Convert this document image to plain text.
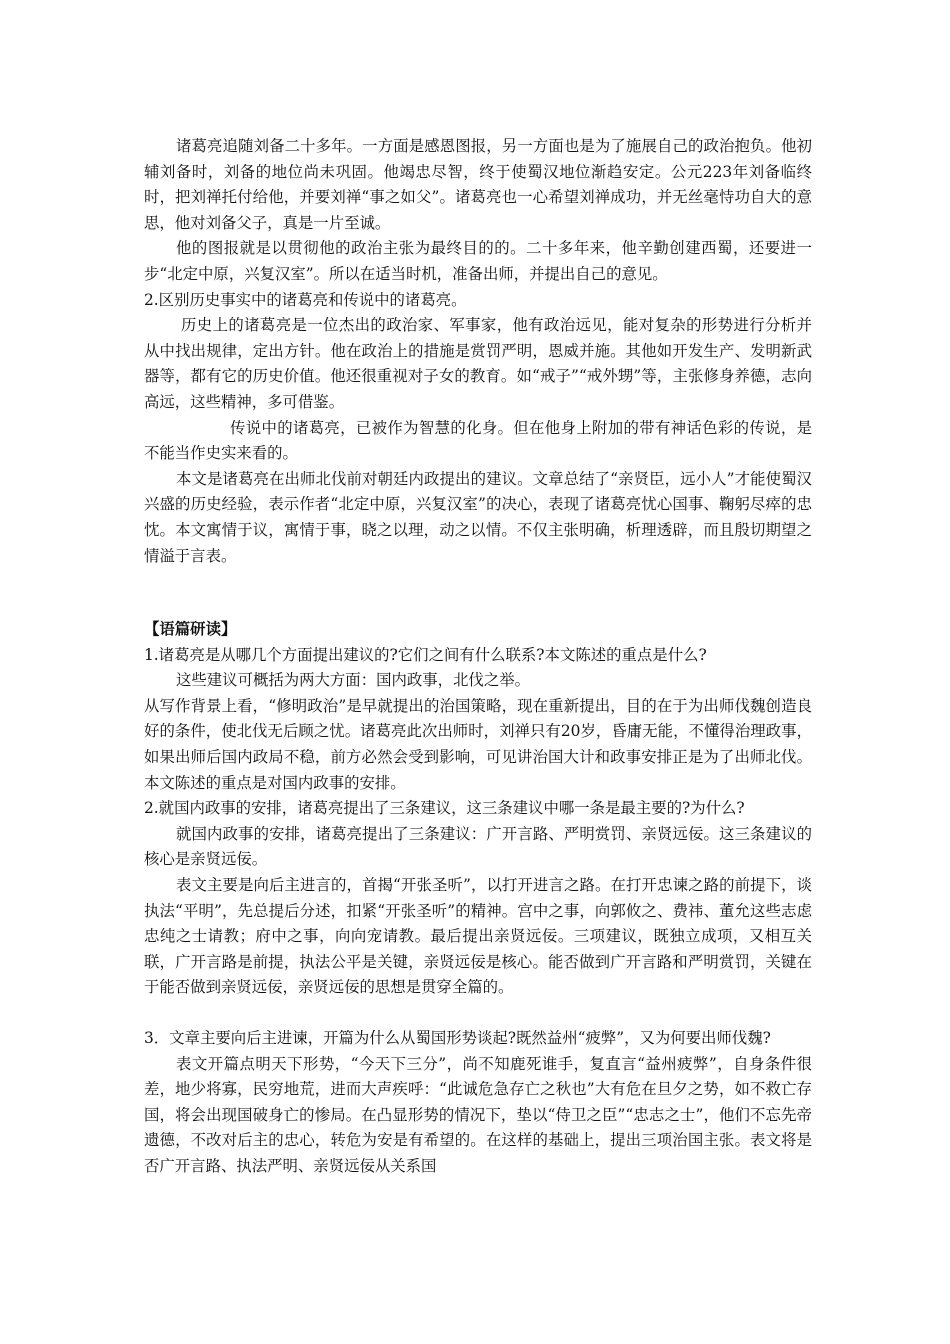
诸葛亮追随刘备二十多年。一方面是感恩图报，另一方面也是为了施展自己的政治抱负。他初辅刘备时，刘备的地位尚未巩固。他竭忠尽智，终于使蜀汉地位渐趋安定。公元223年刘备临终时，把刘禅托付给他，并要刘禅“事之如父”。诸葛亮也一心希望刘禅成功，并无丝毫恃功自大的意思，他对刘备父子，真是一片至诚。

他的图报就是以贯彻他的政治主张为最终目的的。二十多年来，他辛勤创建西蜀，还要进一步“北定中原，兴复汉室”。所以在适当时机，准备出师，并提出自己的意见。

2.区别历史事实中的诸葛亮和传说中的诸葛亮。

历史上的诸葛亮是一位杰出的政治家、军事家，他有政治远见，能对复杂的形势进行分析并从中找出规律，定出方针。他在政治上的措施是赏罚严明，恩威并施。其他如开发生产、发明新武器等，都有它的历史价值。他还很重视对子女的教育。如“戒子”“戒外甥”等，主张修身养德，志向高远，这些精神，多可借鉴。

传说中的诸葛亮，已被作为智慧的化身。但在他身上附加的带有神话色彩的传说，是不能当作史实来看的。

本文是诸葛亮在出师北伐前对朝廷内政提出的建议。文章总结了“亲贤臣，远小人”才能使蜀汉兴盛的历史经验，表示作者“北定中原，兴复汉室”的决心，表现了诸葛亮忧心国事、鞠躬尽瘁的忠忱。本文寓情于议，寓情于事，晓之以理，动之以情。不仅主张明确，析理透辟，而且殷切期望之情溢于言表。

【语篇研读】

1.诸葛亮是从哪几个方面提出建议的?它们之间有什么联系?本文陈述的重点是什么?

这些建议可概括为两大方面：国内政事，北伐之举。

从写作背景上看，“修明政治”是早就提出的治国策略，现在重新提出，目的在于为出师伐魏创造良好的条件，使北伐无后顾之忧。诸葛亮此次出师时，刘禅只有20岁，昏庸无能，不懂得治理政事，如果出师后国内政局不稳，前方必然会受到影响，可见讲治国大计和政事安排正是为了出师北伐。本文陈述的重点是对国内政事的安排。

2.就国内政事的安排，诸葛亮提出了三条建议，这三条建议中哪一条是最主要的?为什么?

就国内政事的安排，诸葛亮提出了三条建议：广开言路、严明赏罚、亲贤远佞。这三条建议的核心是亲贤远佞。

表文主要是向后主进言的，首揭“开张圣听”，以打开进言之路。在打开忠谏之路的前提下，谈执法“平明”，先总提后分述，扣紧“开张圣听”的精神。宫中之事，向郭攸之、费祎、董允这些志虑忠纯之士请教；府中之事，向向宠请教。最后提出亲贤远佞。三项建议，既独立成项，又相互关联，广开言路是前提，执法公平是关键，亲贤远佞是核心。能否做到广开言路和严明赏罚，关键在于能否做到亲贤远佞，亲贤远佞的思想是贯穿全篇的。

3．文章主要向后主进谏，开篇为什么从蜀国形势谈起?既然益州“疲弊”，又为何要出师伐魏?

表文开篇点明天下形势，“今天下三分”，尚不知鹿死谁手，复直言“益州疲弊”，自身条件很差，地少将寡，民穷地荒，进而大声疾呼：“此诚危急存亡之秋也”大有危在旦夕之势，如不救亡存国，将会出现国破身亡的惨局。在凸显形势的情况下，垫以“侍卫之臣”“忠志之士”，他们不忘先帝遗德，不改对后主的忠心，转危为安是有希望的。在这样的基础上，提出三项治国主张。表文将是否广开言路、执法严明、亲贤远佞从关系国
